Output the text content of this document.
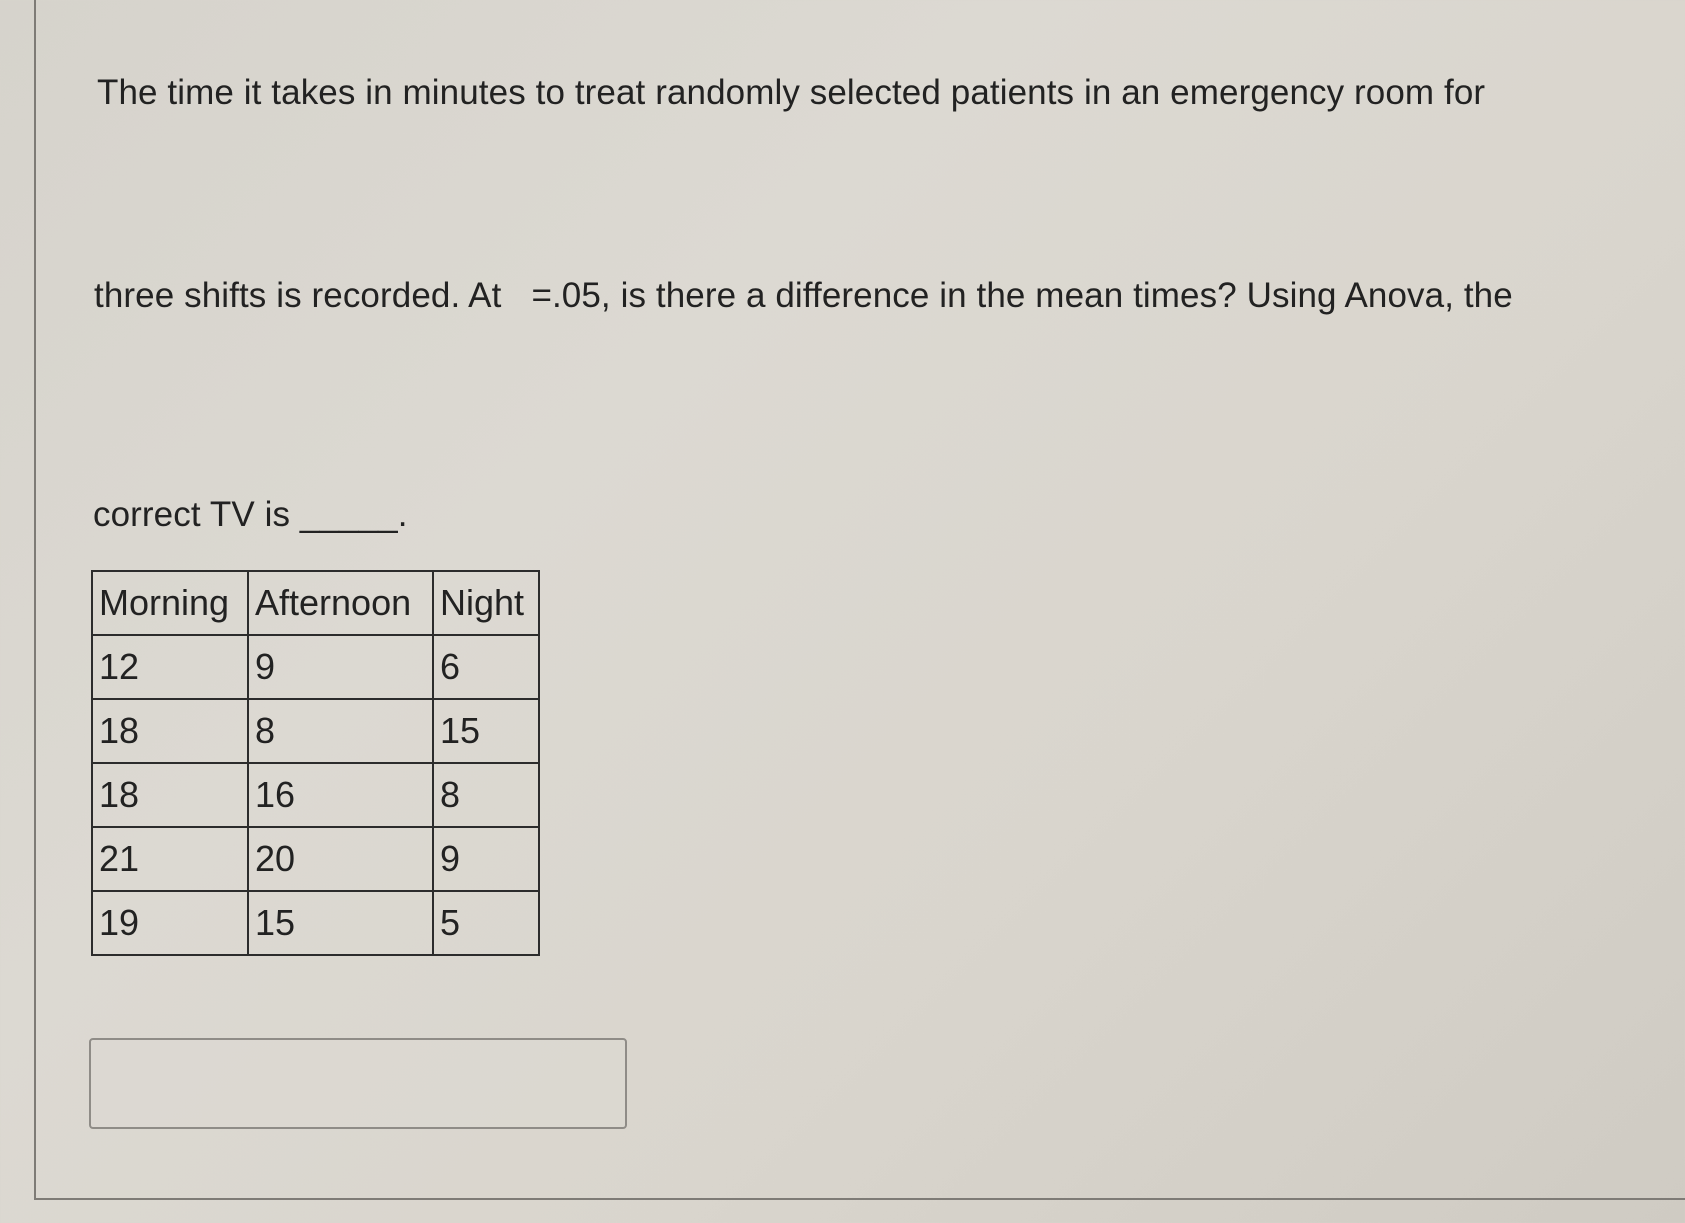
The time it takes in minutes to treat randomly selected patients in an emergency room for
three shifts is recorded. At =.05, is there a difference in the mean times? Using Anova, the
correct TV is _____.
Morning	Afternoon	Night
12	9	6
18	8	15
18	16	8
21	20	9
19	15	5
